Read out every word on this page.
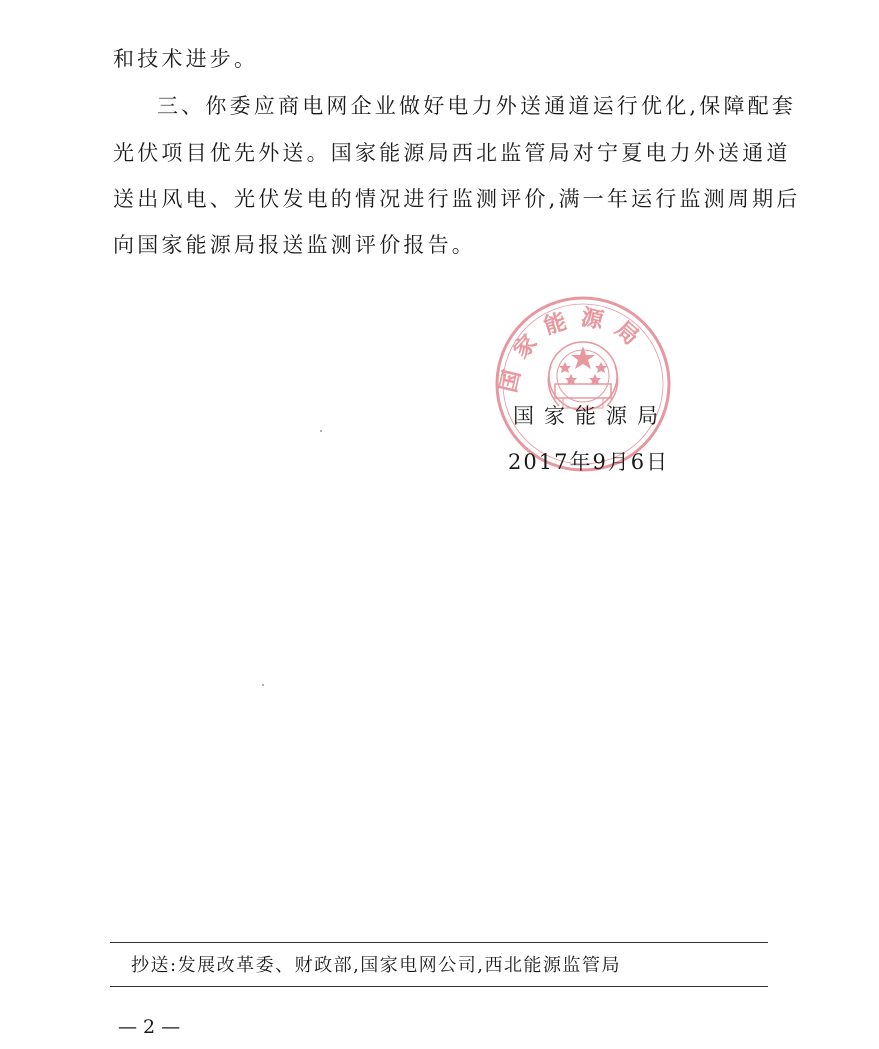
和技术进步。
三、你委应商电网企业做好电力外送通道运行优化,保障配套
光伏项目优先外送。国家能源局西北监管局对宁夏电力外送通道
送出风电、光伏发电的情况进行监测评价,满一年运行监测周期后
向国家能源局报送监测评价报告。
国家能源局
国家能源局
2017年9月6日
抄送:发展改革委、财政部,国家电网公司,西北能源监管局
— 2 —
